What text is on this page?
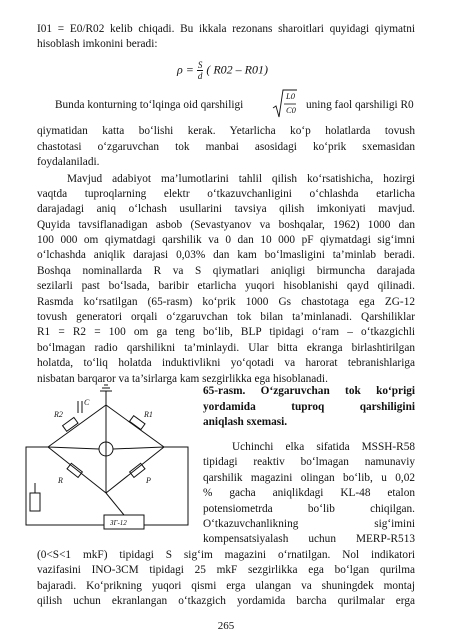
I01 = E0/R02 kelib chiqadi. Bu ikkala rezonans sharoitlari quyidagi qiymatni
hisoblash imkonini beradi:
$\rho = \frac{S}{d}$ ( R02 – R01)
Bunda konturning to‘lqinga oid qarshiligi
L0
C0 uning faol qarshiligi R0
qiymatidan katta bo‘lishi kerak. Yetarlicha ko‘p holatlarda tovush
chastotasi o‘zgaruvchan tok manbai asosidagi ko‘prik sxemasidan
foydalaniladi.
Mavjud adabiyot ma’lumotlarini tahlil qilish ko‘rsatishicha, hozirgi
vaqtda tuproqlarning elektr o‘tkazuvchanligini o‘chlashda etarlicha
darajadagi aniq o‘lchash usullarini tavsiya qilish imkoniyati mavjud.
Quyida tavsiflanadigan asbob (Sevastyanov va boshqalar, 1962) 1000 dan
100 000 om qiymatdagi qarshilik va 0 dan 10 000 pF qiymatdagi sig‘imni
o‘lchashda aniqlik darajasi 0,03% dan kam bo‘lmasligini ta’minlab beradi.
Boshqa nominallarda R va S qiymatlari aniqligi birmuncha darajada
sezilarli past bo‘lsada, baribir etarlicha yuqori hisoblanishi qayd qilinadi.
Rasmda ko‘rsatilgan (65-rasm) ko‘prik 1000 Gs chastotaga ega ZG-12
tovush generatori orqali o‘zgaruvchan tok bilan ta’minlanadi. Qarshiliklar
R1 = R2 = 100 om ga teng bo‘lib, BLP tipidagi o‘ram – o‘tkazgichli
bo‘lmagan radio qarshilikni ta’minlaydi. Ular bitta ekranga birlashtirilgan
holatda, to‘liq holatda induktivlikni yo‘qotadi va harorat tebranishlariga
nisbatan barqaror va ta’sirlarga kam sezgirlikka ega hisoblanadi.
R2
C
R1
R	P
ЗГ-12
65-rasm. O‘zgaruvchan tok ko‘prigi
yordamida tuproq qarshiligini
aniqlash sxemasi.
Uchinchi elka sifatida MSSH-R58
tipidagi reaktiv bo‘lmagan namunaviy
qarshilik magazini olingan bo‘lib, u 0,02
% gacha aniqlikdagi KL-48 etalon
potensiometrda bo‘lib chiqilgan.
O‘tkazuvchanlikning sig‘imini
kompensatsiyalash uchun MERP-R513
(0<S<1 mkF) tipidagi S sig‘im magazini o‘rnatilgan. Nol indikatori
vazifasini INO-3CM tipidagi 25 mkF sezgirlikka ega bo‘lgan qurilma
bajaradi. Ko‘prikning yuqori qismi erga ulangan va shuningdek montaj
qilish uchun ekranlangan o‘tkazgich yordamida barcha qurilmalar erga
265
